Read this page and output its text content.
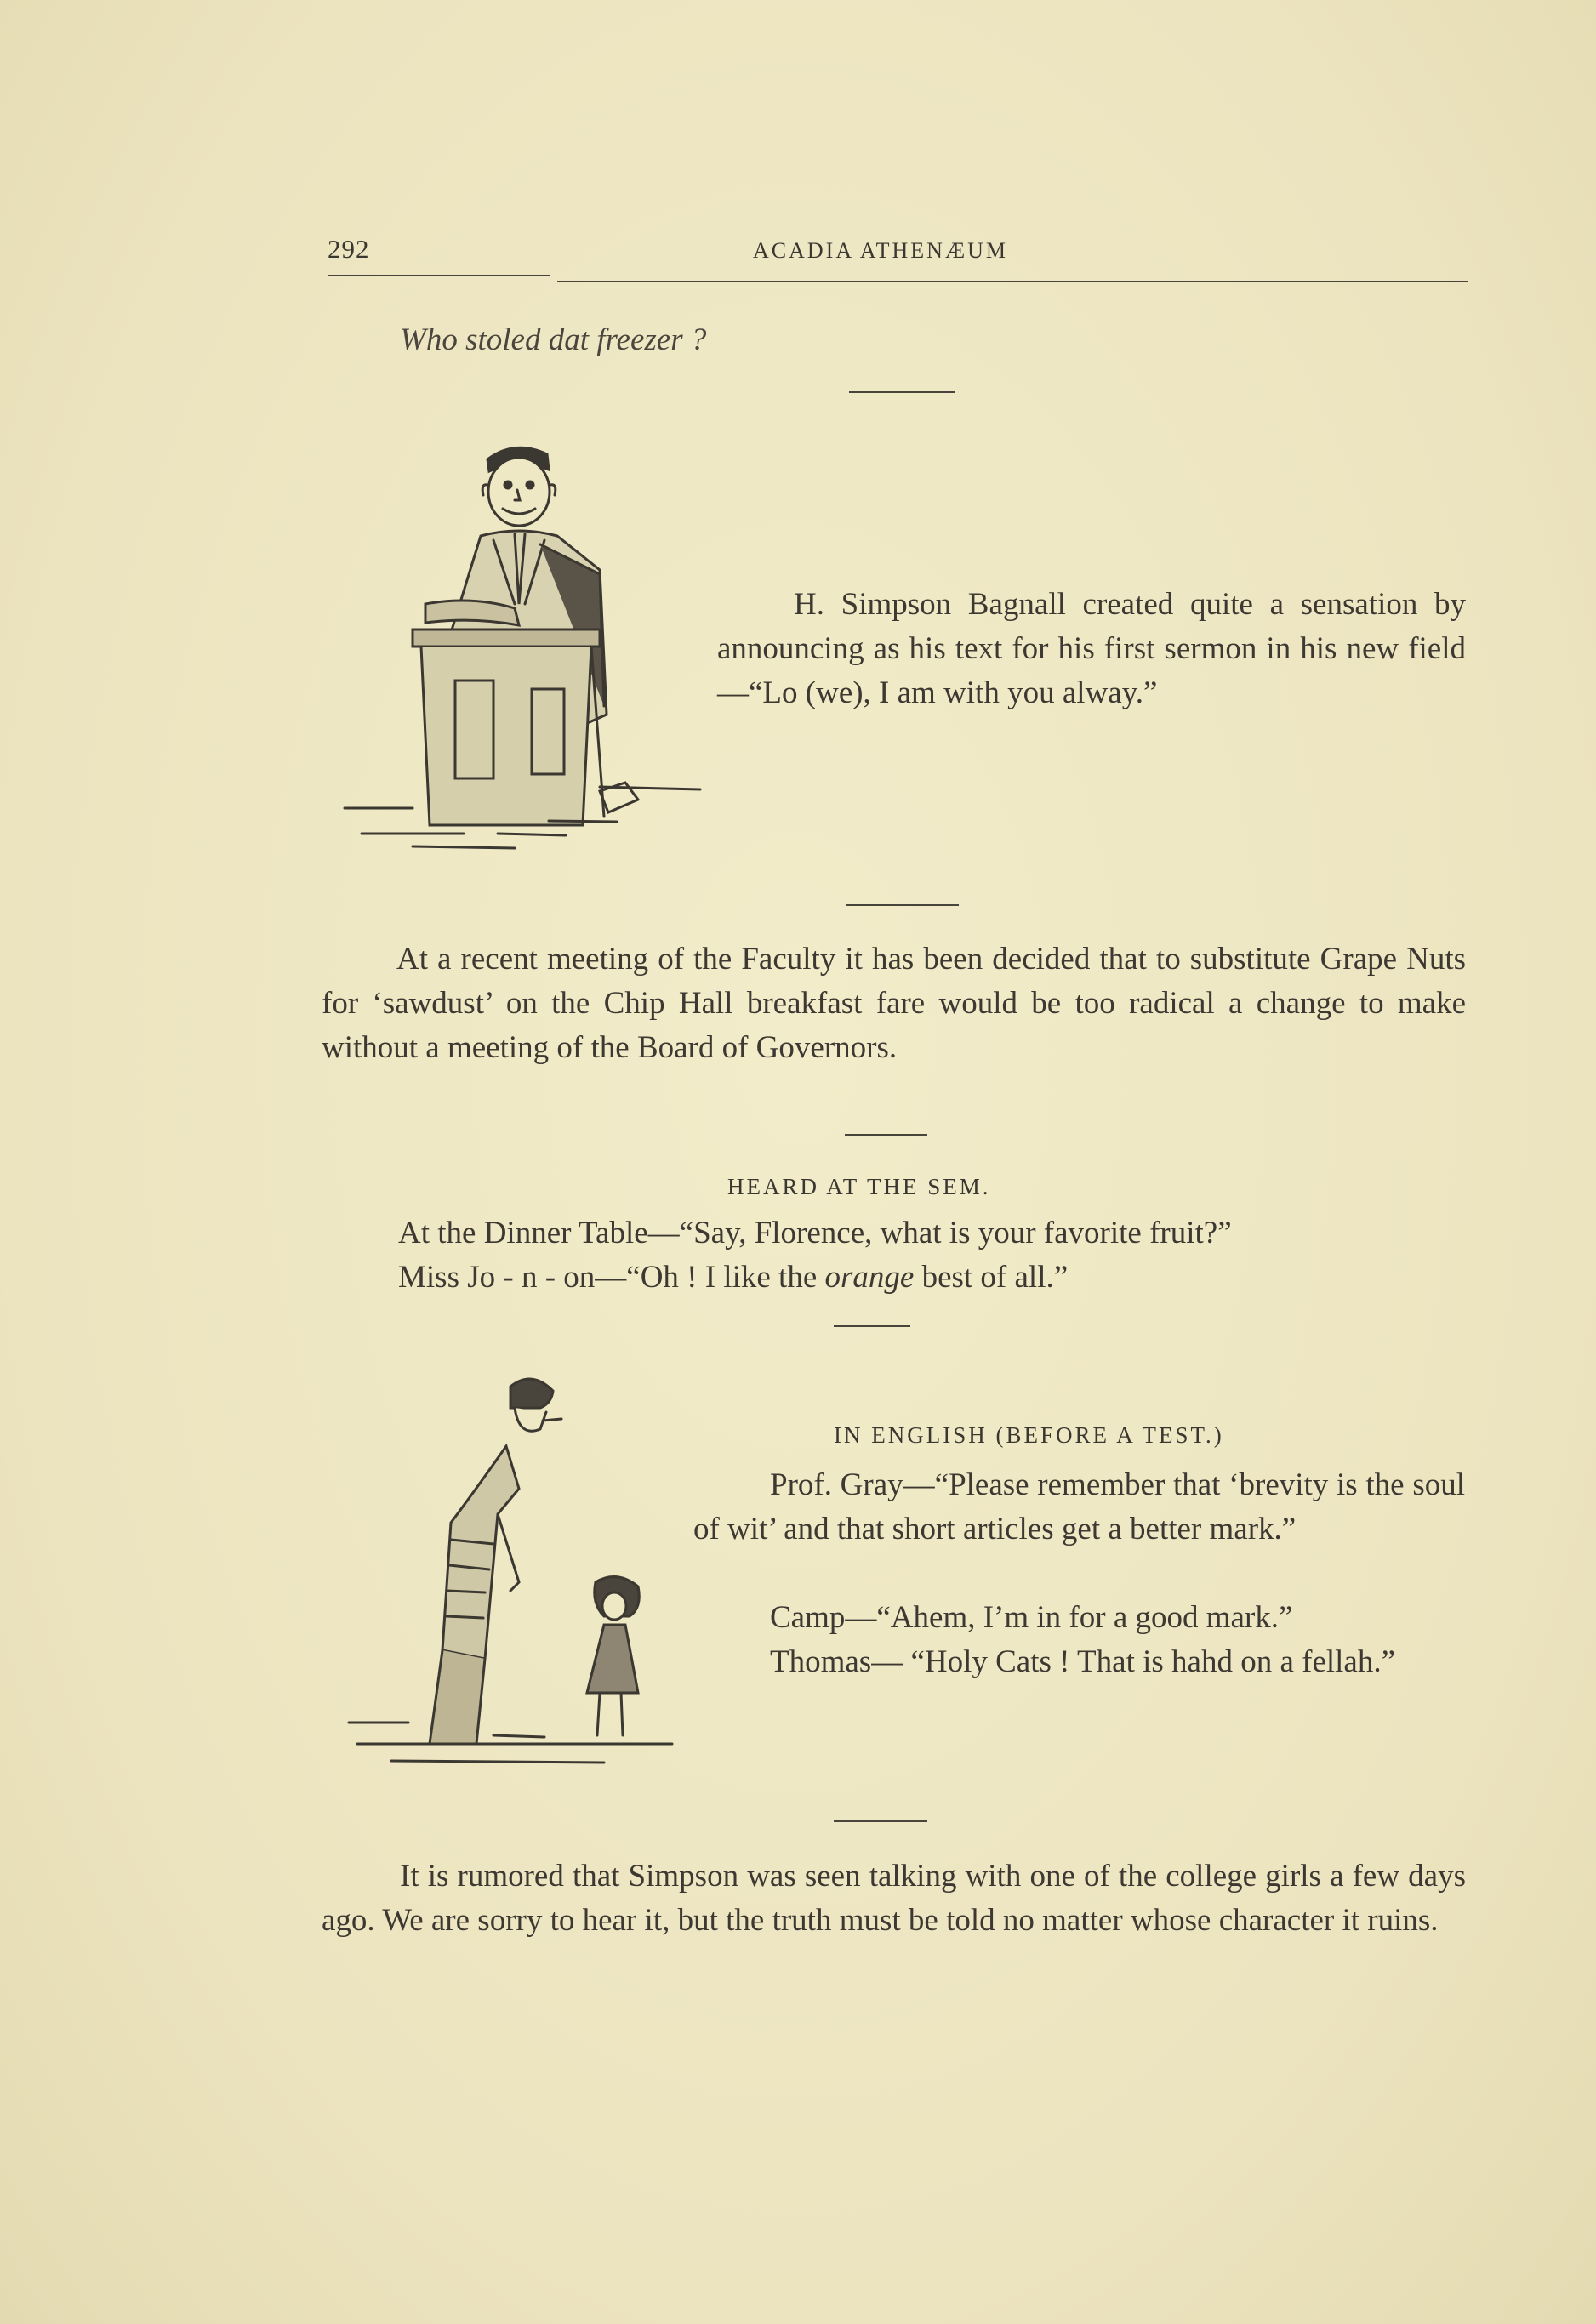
292	ACADIA ATHENÆUM
Who stoled dat freezer ?
H. Simpson Bagnall created quite a sensation by announcing as his text for his first sermon in his new field—“Lo (we), I am with you alway.”
At a recent meeting of the Faculty it has been decided that to substitute Grape Nuts for ‘sawdust’ on the Chip Hall breakfast fare would be too radical a change to make without a meeting of the Board of Governors.
HEARD AT THE SEM.
At the Dinner Table—“Say, Florence, what is your favorite fruit?”
Miss Jo - n - on—“Oh ! I like the orange best of all.”
IN ENGLISH (BEFORE A TEST.)
Prof. Gray—“Please remember that ‘brevity is the soul of wit’ and that short articles get a better mark.”
Camp—“Ahem, I’m in for a good mark.”
Thomas— “Holy Cats ! That is hahd on a fellah.”
It is rumored that Simpson was seen talking with one of the college girls a few days ago. We are sorry to hear it, but the truth must be told no matter whose character it ruins.
